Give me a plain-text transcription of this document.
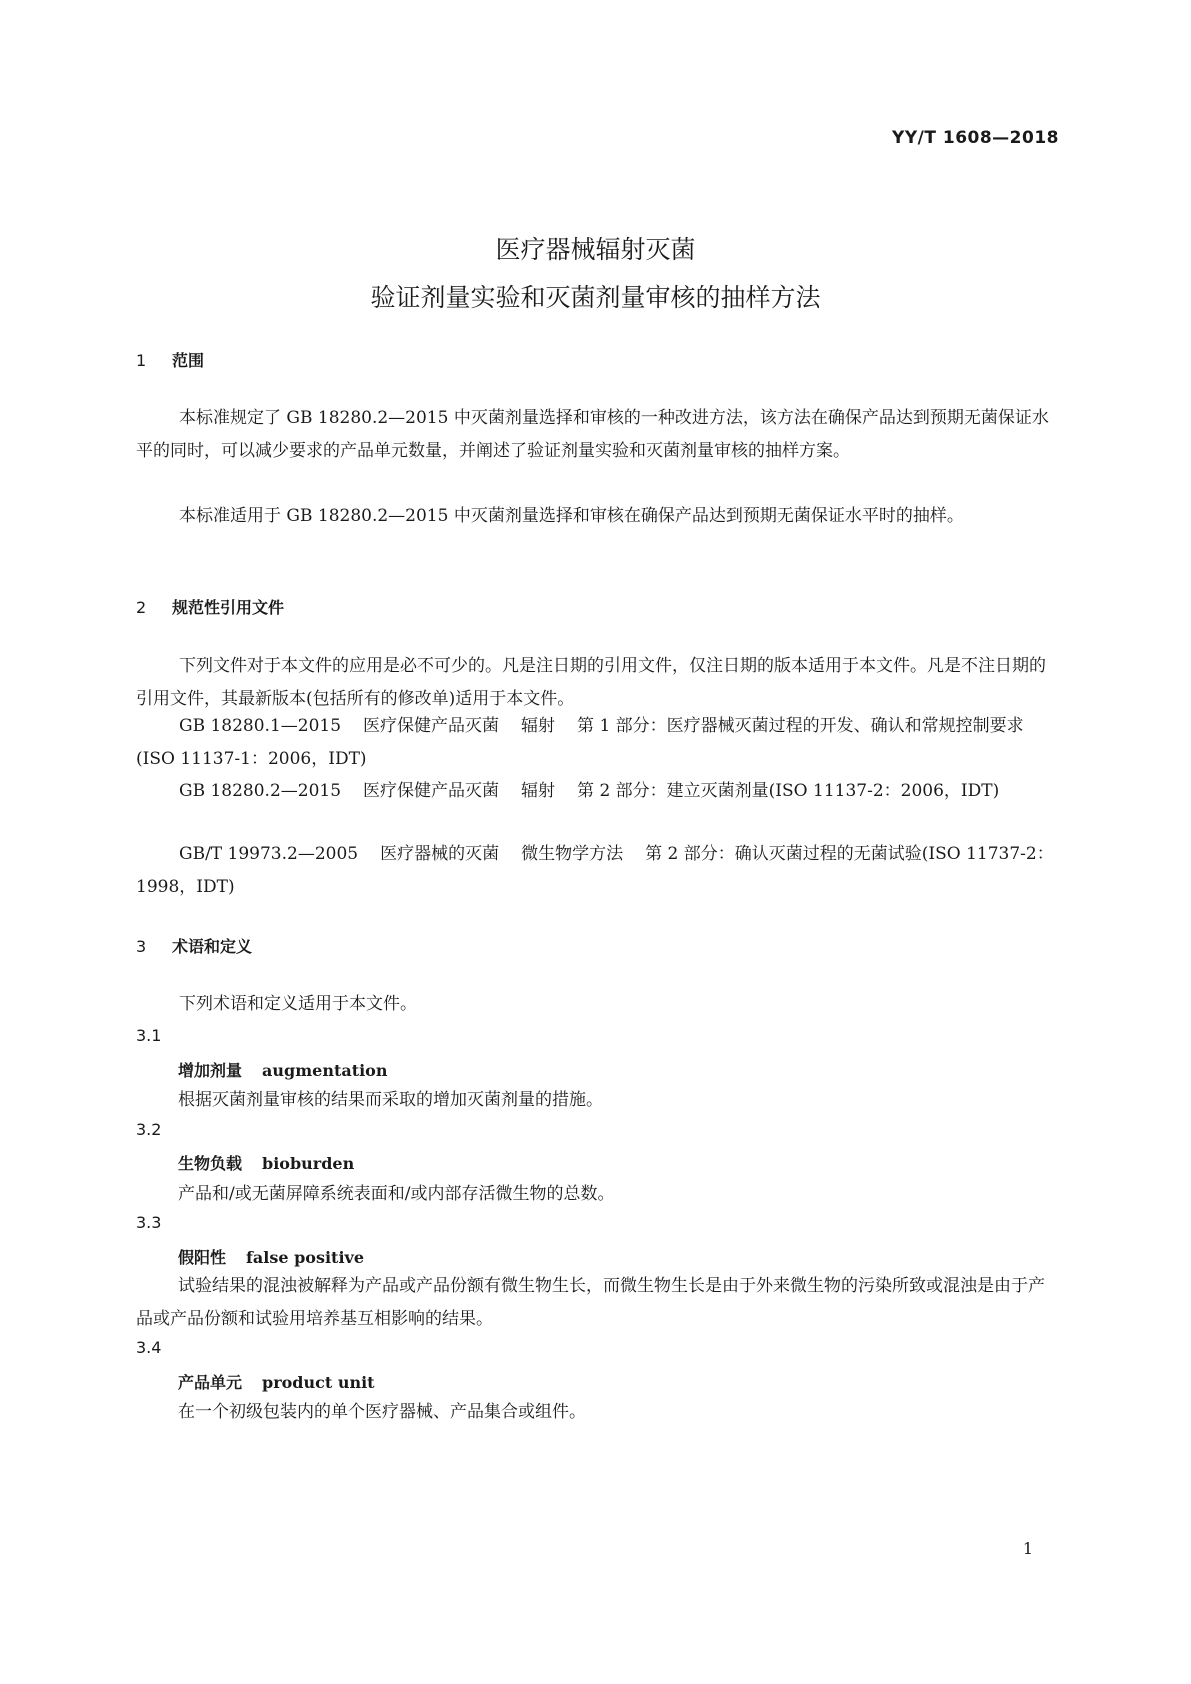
YY/T 1608—2018
医疗器械辐射灭菌
验证剂量实验和灭菌剂量审核的抽样方法
1 范围
本标准规定了 GB 18280.2—2015 中灭菌剂量选择和审核的一种改进方法，该方法在确保产品达到预期无菌保证水平的同时，可以减少要求的产品单元数量，并阐述了验证剂量实验和灭菌剂量审核的抽样方案。
本标准适用于 GB 18280.2—2015 中灭菌剂量选择和审核在确保产品达到预期无菌保证水平时的抽样。
2 规范性引用文件
下列文件对于本文件的应用是必不可少的。凡是注日期的引用文件，仅注日期的版本适用于本文件。凡是不注日期的引用文件，其最新版本(包括所有的修改单)适用于本文件。
GB 18280.1—2015 医疗保健产品灭菌 辐射 第 1 部分：医疗器械灭菌过程的开发、确认和常规控制要求(ISO 11137-1：2006，IDT)
GB 18280.2—2015 医疗保健产品灭菌 辐射 第 2 部分：建立灭菌剂量(ISO 11137-2：2006，IDT)
GB/T 19973.2—2005 医疗器械的灭菌 微生物学方法 第 2 部分：确认灭菌过程的无菌试验(ISO 11737-2：1998，IDT)
3 术语和定义
下列术语和定义适用于本文件。
3.1
增加剂量 augmentation
根据灭菌剂量审核的结果而采取的增加灭菌剂量的措施。
3.2
生物负载 bioburden
产品和/或无菌屏障系统表面和/或内部存活微生物的总数。
3.3
假阳性 false positive
试验结果的混浊被解释为产品或产品份额有微生物生长，而微生物生长是由于外来微生物的污染所致或混浊是由于产品或产品份额和试验用培养基互相影响的结果。
3.4
产品单元 product unit
在一个初级包装内的单个医疗器械、产品集合或组件。
1
